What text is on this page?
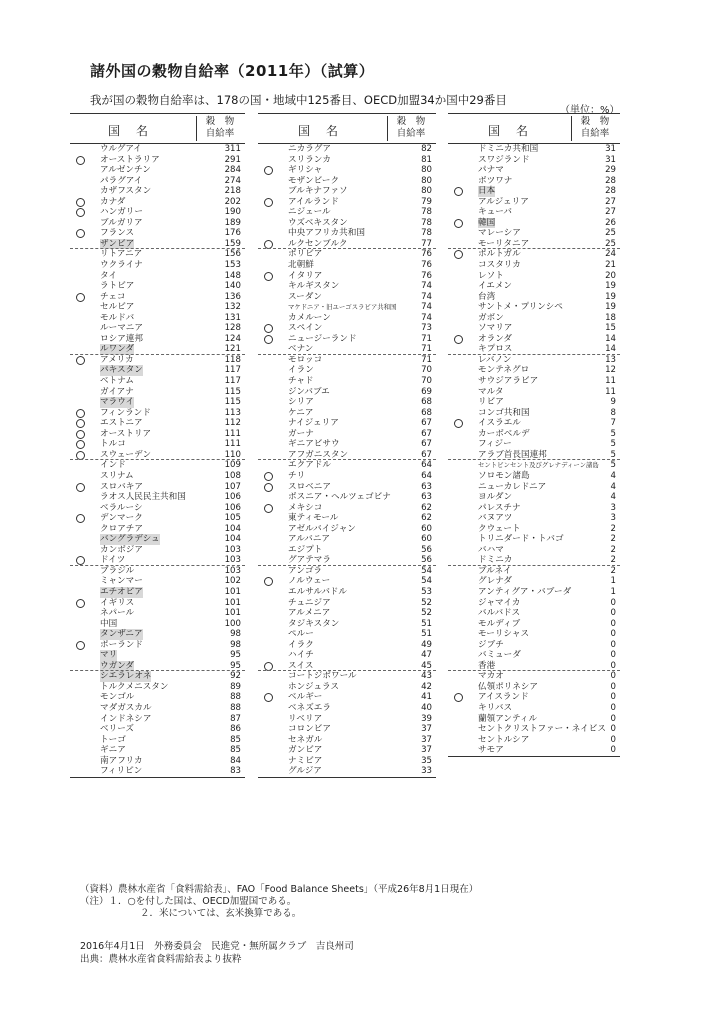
諸外国の穀物自給率（2011年）（試算）
我が国の穀物自給率は、178の国・地域中125番目、OECD加盟34か国中29番目
（単位：%）
国　名
穀　物
自給率
ウルグアイ	311
オーストラリア	291
アルゼンチン	284
パラグアイ	274
カザフスタン	218
カナダ	202
ハンガリー	190
ブルガリア	189
フランス	176
ザンビア	159
リトアニア	156
ウクライナ	153
タイ	148
ラトビア	140
チェコ	136
セルビア	132
モルドバ	131
ルーマニア	128
ロシア連邦	124
ルワンダ	121
アメリカ	118
パキスタン	117
ベトナム	117
ガイアナ	115
マラウイ	115
フィンランド	113
エストニア	112
オーストリア	111
トルコ	111
スウェーデン	110
インド	109
スリナム	108
スロバキア	107
ラオス人民民主共和国	106
ベラルーシ	106
デンマーク	105
クロアチア	104
バングラデシュ	104
カンボジア	103
ドイツ	103
ブラジル	103
ミャンマー	102
エチオピア	101
イギリス	101
ネパール	101
中国	100
タンザニア	98
ポーランド	98
マリ	95
ウガンダ	95
シエラレオネ	92
トルクメニスタン	89
モンゴル	88
マダガスカル	88
インドネシア	87
ベリーズ	86
トーゴ	85
ギニア	85
南アフリカ	84
フィリピン	83
国　名
穀　物
自給率
ニカラグア	82
スリランカ	81
ギリシャ	80
モザンビーク	80
ブルキナファソ	80
アイルランド	79
ニジェール	78
ウズベキスタン	78
中央アフリカ共和国	78
ルクセンブルク	77
ボリビア	76
北朝鮮	76
イタリア	76
キルギスタン	74
スーダン	74
マケドニア・旧ユーゴスラビア共和国	74
カメルーン	74
スペイン	73
ニュージーランド	71
ベナン	71
モロッコ	71
イラン	70
チャド	70
ジンバブエ	69
シリア	68
ケニア	68
ナイジェリア	67
ガーナ	67
ギニアビサウ	67
アフガニスタン	67
エクアドル	64
チリ	64
スロベニア	63
ボスニア・ヘルツェゴビナ	63
メキシコ	62
東ティモール	62
アゼルバイジャン	60
アルバニア	60
エジプト	56
グアテマラ	56
アンゴラ	54
ノルウェー	54
エルサルバドル	53
チュニジア	52
アルメニア	52
タジキスタン	51
ペルー	51
イラク	49
ハイチ	47
スイス	45
コートジボワール	43
ホンジュラス	42
ベルギー	41
ベネズエラ	40
リベリア	39
コロンビア	37
セネガル	37
ガンビア	37
ナミビア	35
グルジア	33
国　名
穀　物
自給率
ドミニカ共和国	31
スワジランド	31
パナマ	29
ボツワナ	28
日本	28
アルジェリア	27
キューバ	27
韓国	26
マレーシア	25
モーリタニア	25
ポルトガル	24
コスタリカ	21
レソト	20
イエメン	19
台湾	19
サントメ・プリンシペ	19
ガボン	18
ソマリア	15
オランダ	14
キプロス	14
レバノン	13
モンテネグロ	12
サウジアラビア	11
マルタ	11
リビア	9
コンゴ共和国	8
イスラエル	7
カーボベルデ	5
フィジー	5
アラブ首長国連邦	5
セントビンセント及びグレナディーン諸島 5
ソロモン諸島	4
ニューカレドニア	4
ヨルダン	4
パレスチナ	3
バヌアツ	3
クウェート	2
トリニダード・トバゴ	2
バハマ	2
ドミニカ	2
ブルネイ	2
グレナダ	1
アンティグア・バブーダ	1
ジャマイカ	0
バルバドス	0
モルディブ	0
モーリシャス	0
ジブチ	0
バミューダ	0
香港	0
マカオ	0
仏領ポリネシア	0
アイスランド	0
キリバス	0
蘭領アンティル	0
セントクリストファー・ネイビス 0
セントルシア	0
サモア	0
（資料）農林水産省「食料需給表」、FAO「Food Balance Sheets」（平成26年8月1日現在）
（注）１．○を付した国は、OECD加盟国である。
２．米については、玄米換算である。
2016年4月1日　外務委員会　民進党・無所属クラブ　吉良州司
出典：農林水産省食料需給表より抜粋
